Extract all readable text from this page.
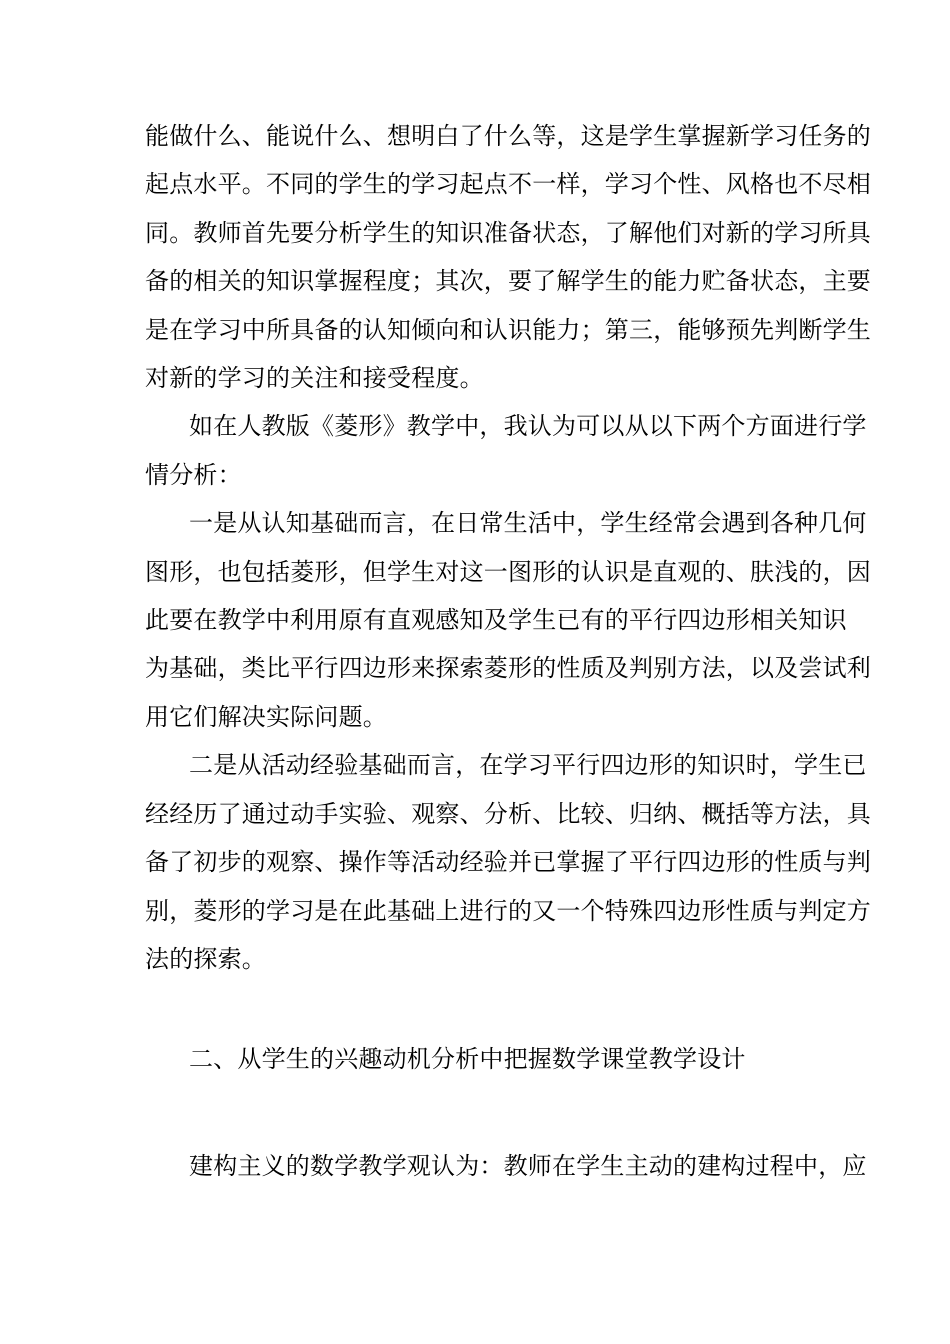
能做什么、能说什么、想明白了什么等，这是学生掌握新学习任务的
起点水平。不同的学生的学习起点不一样，学习个性、风格也不尽相
同。教师首先要分析学生的知识准备状态，了解他们对新的学习所具
备的相关的知识掌握程度；其次，要了解学生的能力贮备状态，主要
是在学习中所具备的认知倾向和认识能力；第三，能够预先判断学生
对新的学习的关注和接受程度。
如在人教版《菱形》教学中，我认为可以从以下两个方面进行学
情分析：
一是从认知基础而言，在日常生活中，学生经常会遇到各种几何
图形，也包括菱形，但学生对这一图形的认识是直观的、肤浅的，因
此要在教学中利用原有直观感知及学生已有的平行四边形相关知识
为基础，类比平行四边形来探索菱形的性质及判别方法，以及尝试利
用它们解决实际问题。
二是从活动经验基础而言，在学习平行四边形的知识时，学生已
经经历了通过动手实验、观察、分析、比较、归纳、概括等方法，具
备了初步的观察、操作等活动经验并已掌握了平行四边形的性质与判
别，菱形的学习是在此基础上进行的又一个特殊四边形性质与判定方
法的探索。
二、从学生的兴趣动机分析中把握数学课堂教学设计
建构主义的数学教学观认为：教师在学生主动的建构过程中，应
